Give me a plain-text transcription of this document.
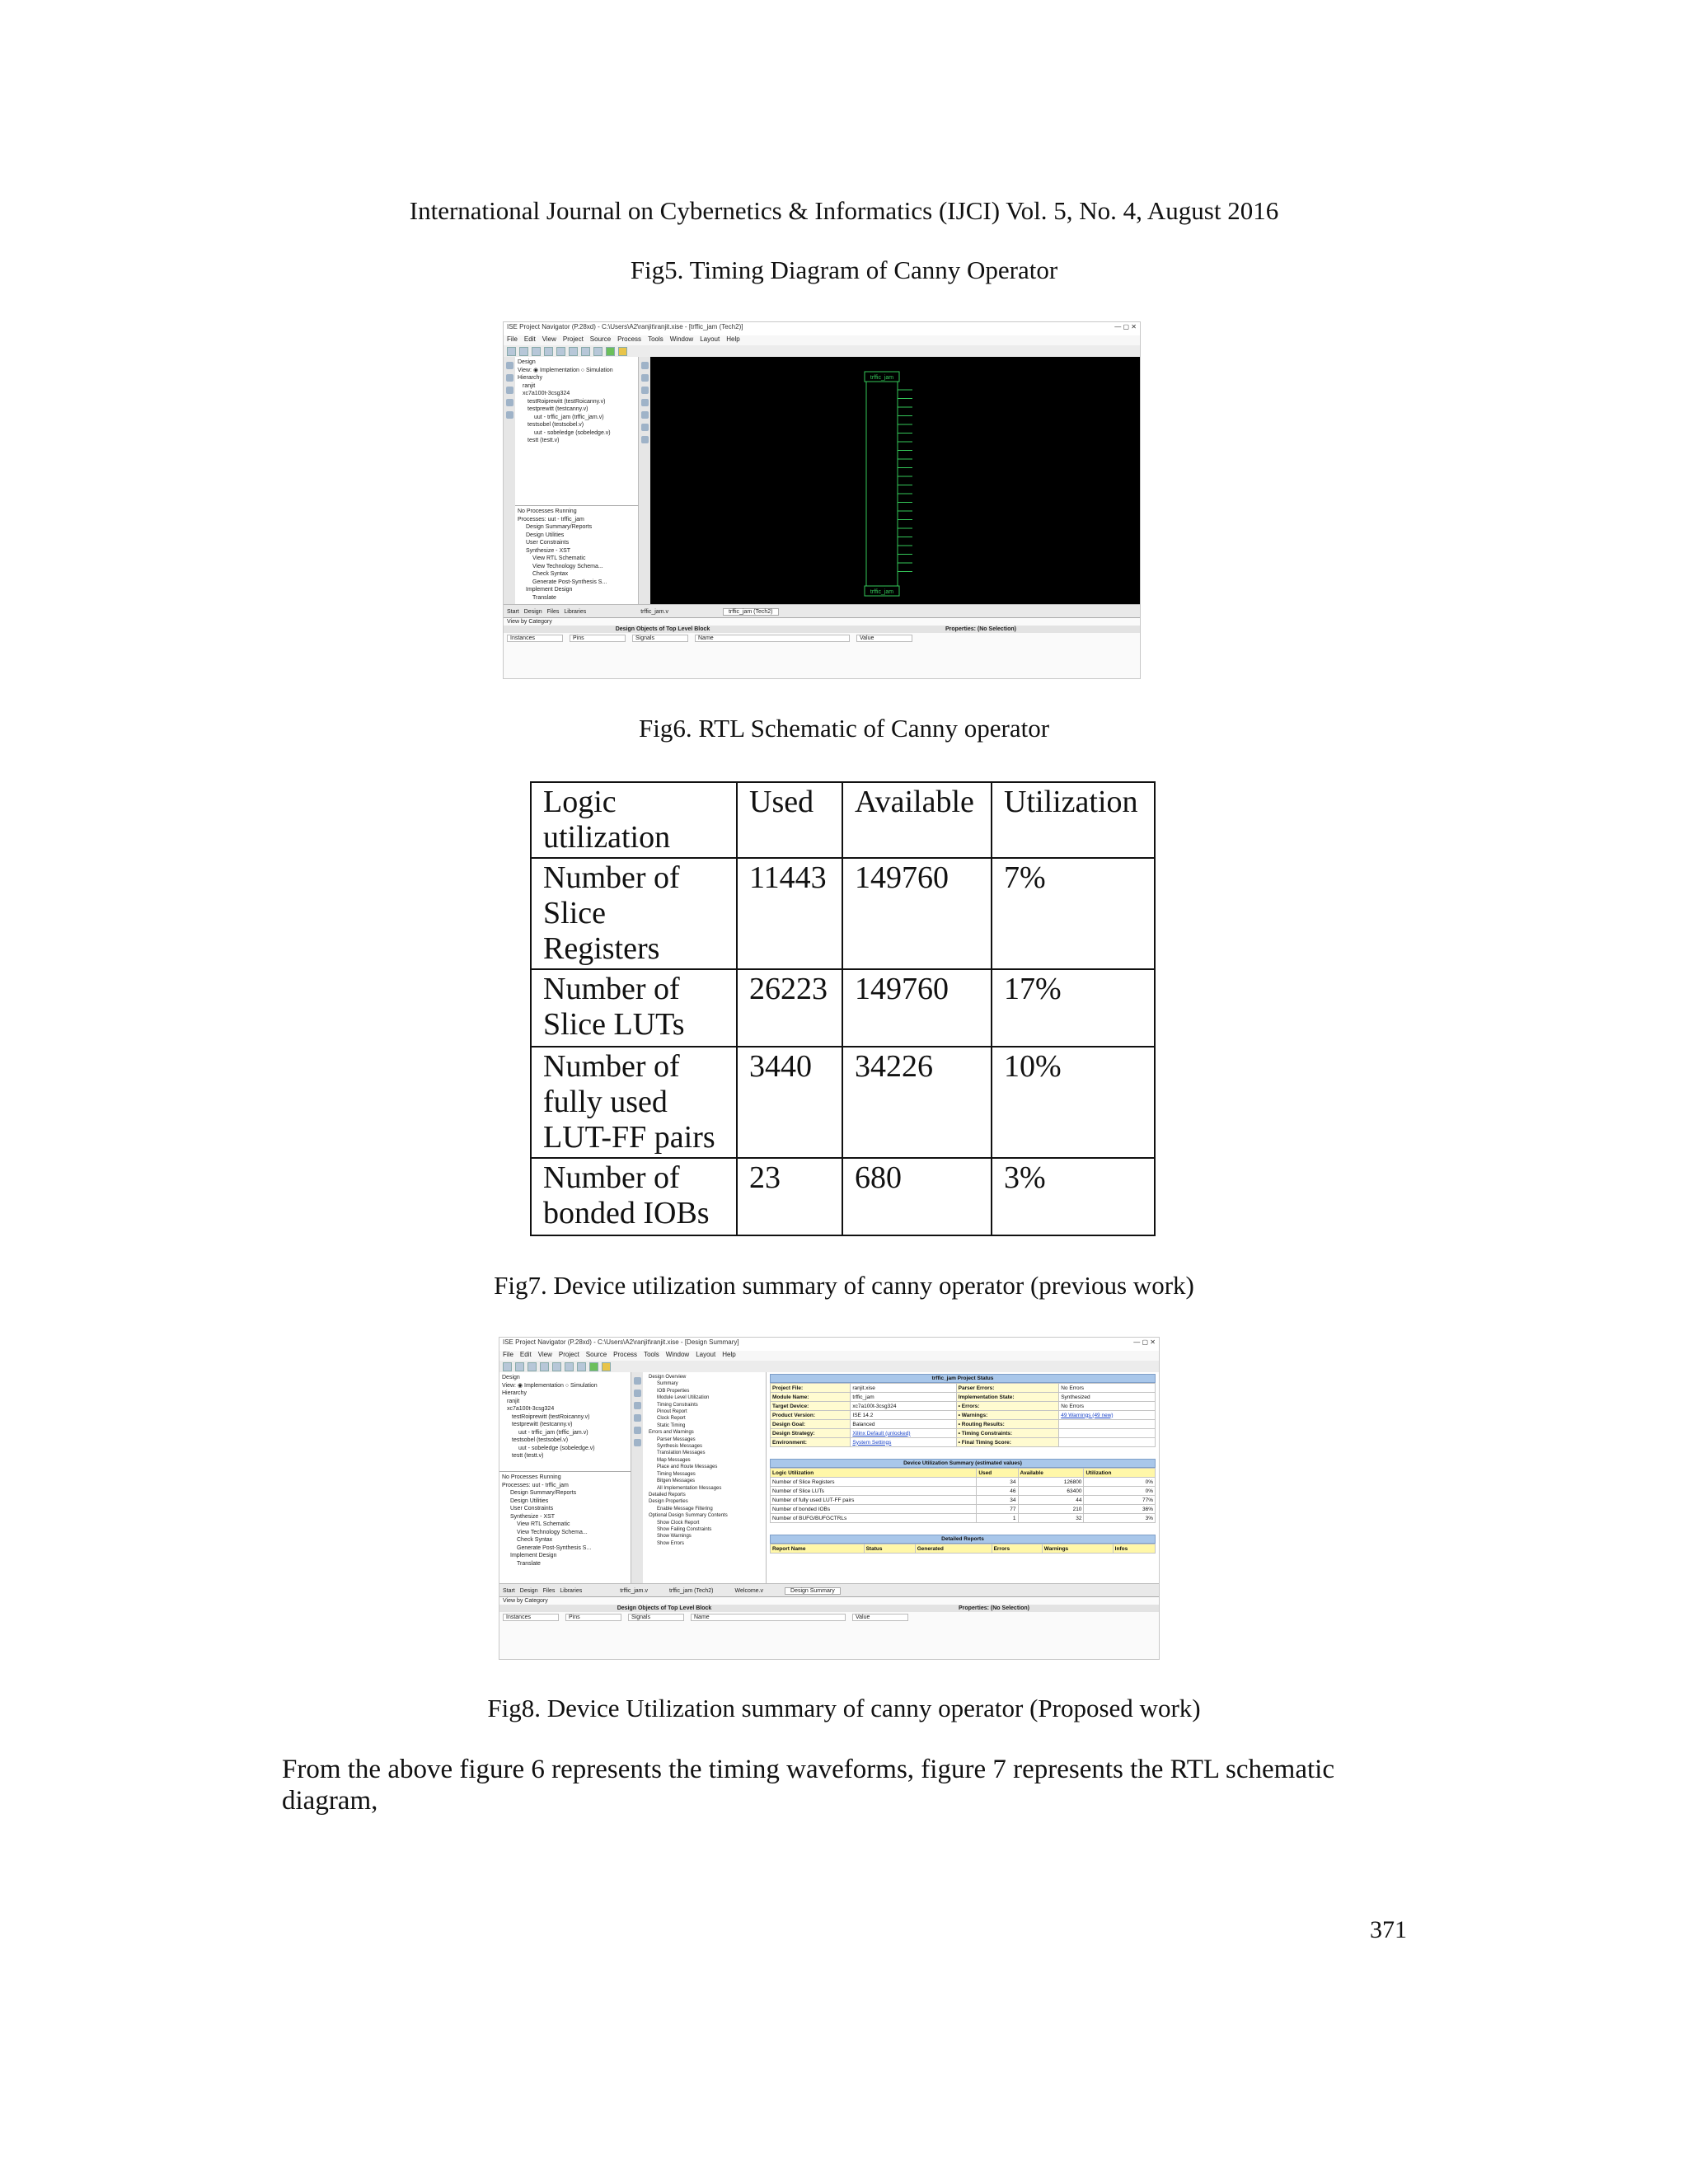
International Journal on Cybernetics & Informatics (IJCI) Vol. 5, No. 4, August 2016
Fig5. Timing Diagram of Canny Operator
ISE Project Navigator (P.28xd) - C:\Users\A2\ranjit\ranjit.xise - [trffic_jam (Tech2)]	— ▢ ✕
File Edit View Project Source Process Tools Window Layout Help
Design
View: ◉ Implementation ○ Simulation
Hierarchy
ranjit
xc7a100t-3csg324
testRoiprewitt (testRoicanny.v)
testprewitt (testcanny.v)
uut - trffic_jam (trffic_jam.v)
testsobel (testsobel.v)
uut - sobeledge (sobeledge.v)
testt (testt.v)
No Processes Running
Processes: uut - trffic_jam
Design Summary/Reports
Design Utilities
User Constraints
Synthesize - XST
View RTL Schematic
View Technology Schema...
Check Syntax
Generate Post-Synthesis S...
Implement Design
Translate
trffic_jam
trffic_jam
Start Design Files Libraries	trffic_jam.v	trffic_jam (Tech2)
View by Category
Design Objects of Top Level Block	Properties: (No Selection)
Instances	Pins	Signals	Name	Value
Fig6. RTL Schematic of Canny operator
Logic utilization	Used	Available	Utilization
Number of Slice Registers	11443	149760	7%
Number of Slice LUTs	26223	149760	17%
Number of fully used LUT-FF pairs	3440	34226	10%
Number of bonded IOBs	23	680	3%
Fig7. Device utilization summary of canny operator (previous work)
ISE Project Navigator (P.28xd) - C:\Users\A2\ranjit\ranjit.xise - [Design Summary]	— ▢ ✕
File Edit View Project Source Process Tools Window Layout Help
Design
View: ◉ Implementation ○ Simulation
Hierarchy
ranjit
xc7a100t-3csg324
testRoiprewitt (testRoicanny.v)
testprewitt (testcanny.v)
uut - trffic_jam (trffic_jam.v)
testsobel (testsobel.v)
uut - sobeledge (sobeledge.v)
testt (testt.v)
No Processes Running
Processes: uut - trffic_jam
Design Summary/Reports
Design Utilities
User Constraints
Synthesize - XST
View RTL Schematic
View Technology Schema...
Check Syntax
Generate Post-Synthesis S...
Implement Design
Translate
Design Overview
Summary
IOB Properties
Module Level Utilization
Timing Constraints
Pinout Report
Clock Report
Static Timing
Errors and Warnings
Parser Messages
Synthesis Messages
Translation Messages
Map Messages
Place and Route Messages
Timing Messages
Bitgen Messages
All Implementation Messages
Detailed Reports
Design Properties
Enable Message Filtering
Optional Design Summary Contents
Show Clock Report
Show Failing Constraints
Show Warnings
Show Errors
trffic_jam Project Status
Project File:	ranjit.xise	Parser Errors:	No Errors
Module Name:	trffic_jam	Implementation State:	Synthesized
Target Device:	xc7a100t-3csg324	• Errors:	No Errors
Product Version:	ISE 14.2	• Warnings:	49 Warnings (49 new)
Design Goal:	Balanced	• Routing Results:	
Design Strategy:	Xilinx Default (unlocked)	• Timing Constraints:	
Environment:	System Settings	• Final Timing Score:	
Device Utilization Summary (estimated values)
Logic Utilization	Used	Available	Utilization
Number of Slice Registers	34	126800	0%
Number of Slice LUTs	46	63400	0%
Number of fully used LUT-FF pairs	34	44	77%
Number of bonded IOBs	77	210	36%
Number of BUFG/BUFGCTRLs	1	32	3%
Detailed Reports
Report Name	Status	Generated	Errors	Warnings	Infos
Start Design Files Libraries	trffic_jam.v	trffic_jam (Tech2)	Welcome.v	Design Summary
View by Category
Design Objects of Top Level Block	Properties: (No Selection)
Instances	Pins	Signals	Name	Value
Fig8. Device Utilization summary of canny operator (Proposed work)
From the above figure 6 represents the timing waveforms, figure 7 represents the RTL schematic diagram,
371
